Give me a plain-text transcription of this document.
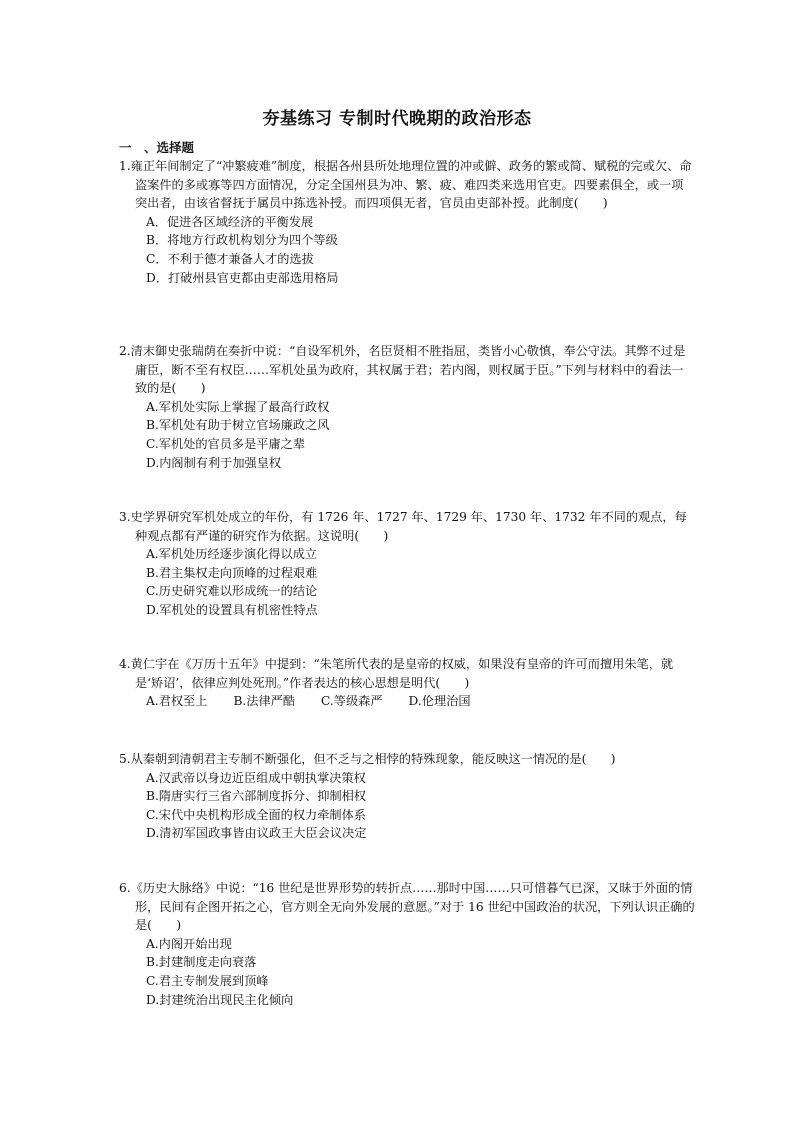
夯基练习 专制时代晚期的政治形态
一　、选择题

1.雍正年间制定了“冲繁疲难”制度，根据各州县所处地理位置的冲或僻、政务的繁或简、赋税的完或欠、命盗案件的多或寡等四方面情况，分定全国州县为冲、繁、疲、难四类来选用官吏。四要素俱全，或一项突出者，由该省督抚于属员中拣选补授。而四项俱无者，官员由吏部补授。此制度(　　)

A．促进各区域经济的平衡发展

B．将地方行政机构划分为四个等级

C．不利于德才兼备人才的选拔

D．打破州县官吏都由吏部选用格局

2.清末御史张瑞荫在奏折中说：“自设军机外，名臣贤相不胜指屈，类皆小心敬慎，奉公守法。其弊不过是庸臣，断不至有权臣……军机处虽为政府，其权属于君；若内阁，则权属于臣。”下列与材料中的看法一致的是(　　)

A.军机处实际上掌握了最高行政权

B.军机处有助于树立官场廉政之风

C.军机处的官员多是平庸之辈

D.内阁制有利于加强皇权

3.史学界研究军机处成立的年份，有 1726 年、1727 年、1729 年、1730 年、1732 年不同的观点，每种观点都有严谨的研究作为依据。这说明(　　)

A.军机处历经逐步演化得以成立

B.君主集权走向顶峰的过程艰难

C.历史研究难以形成统一的结论

D.军机处的设置具有机密性特点

4.黄仁宇在《万历十五年》中提到：“朱笔所代表的是皇帝的权威，如果没有皇帝的许可而擅用朱笔，就是‘矫诏’，依律应判处死刑。”作者表达的核心思想是明代(　　)

A.君权至上 B.法律严酷 C.等级森严 D.伦理治国

5.从秦朝到清朝君主专制不断强化，但不乏与之相悖的特殊现象，能反映这一情况的是(　　)

A.汉武帝以身边近臣组成中朝执掌决策权

B.隋唐实行三省六部制度拆分、抑制相权

C.宋代中央机构形成全面的权力牵制体系

D.清初军国政事皆由议政王大臣会议决定

6.《历史大脉络》中说：“16 世纪是世界形势的转折点……那时中国……只可惜暮气已深，又昧于外面的情形，民间有企图开拓之心，官方则全无向外发展的意愿。”对于 16 世纪中国政治的状况，下列认识正确的是(　　)

A.内阁开始出现

B.封建制度走向衰落

C.君主专制发展到顶峰

D.封建统治出现民主化倾向
